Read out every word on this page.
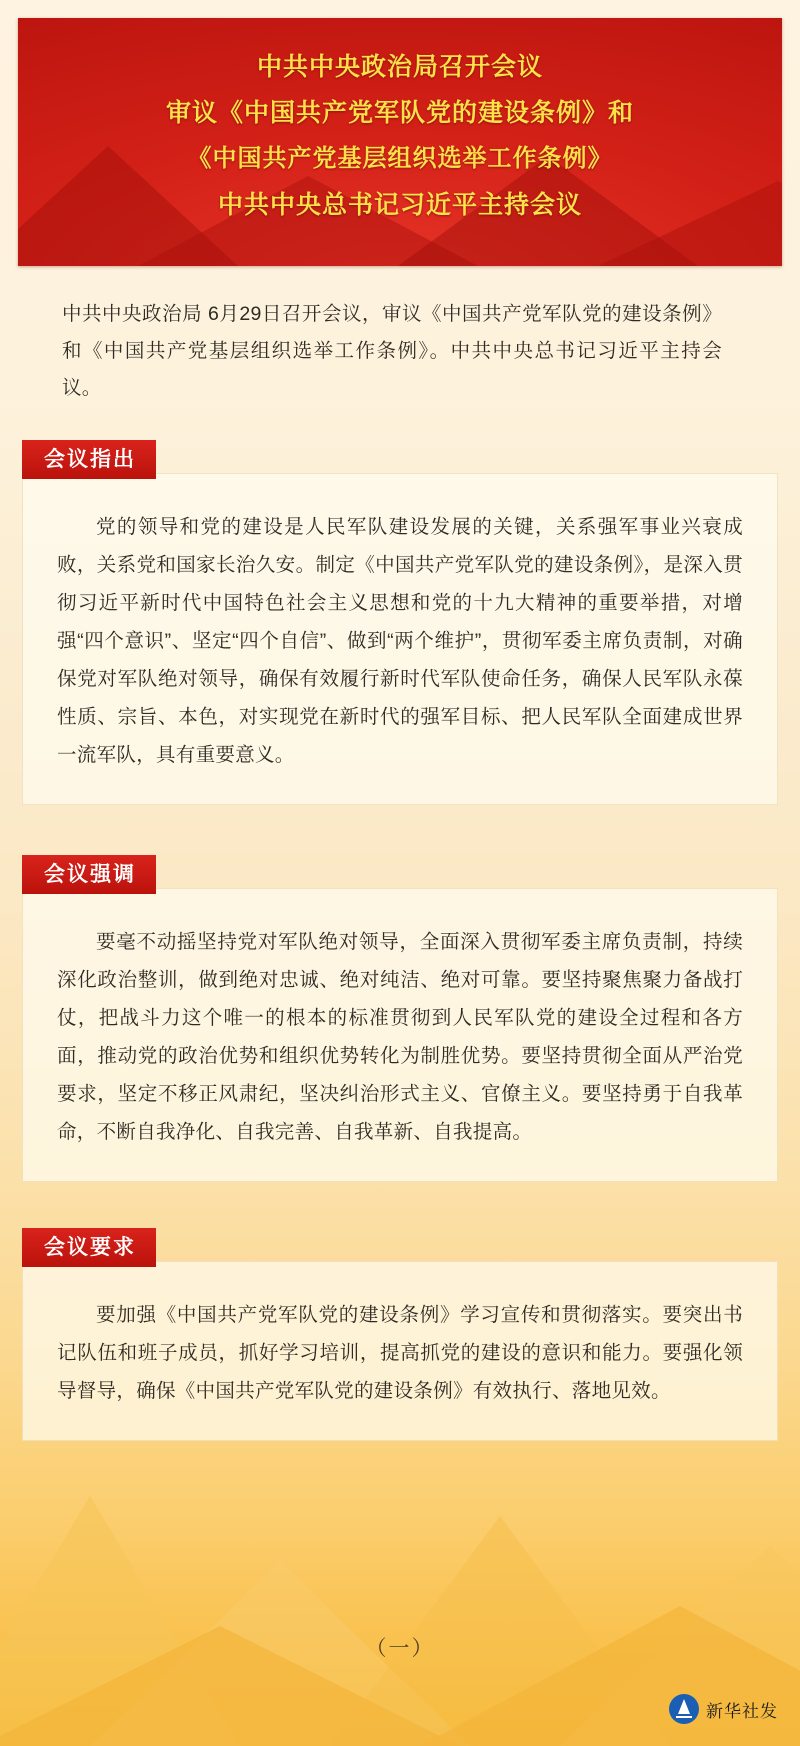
中共中央政治局召开会议
审议《中国共产党军队党的建设条例》和
《中国共产党基层组织选举工作条例》
中共中央总书记习近平主持会议
中共中央政治局 6月29日召开会议，审议《中国共产党军队党的建设条例》和《中国共产党基层组织选举工作条例》。中共中央总书记习近平主持会议。
会议指出

党的领导和党的建设是人民军队建设发展的关键，关系强军事业兴衰成败，关系党和国家长治久安。制定《中国共产党军队党的建设条例》，是深入贯彻习近平新时代中国特色社会主义思想和党的十九大精神的重要举措，对增强“四个意识”、坚定“四个自信”、做到“两个维护”，贯彻军委主席负责制，对确保党对军队绝对领导，确保有效履行新时代军队使命任务，确保人民军队永葆性质、宗旨、本色，对实现党在新时代的强军目标、把人民军队全面建成世界一流军队，具有重要意义。

会议强调

要毫不动摇坚持党对军队绝对领导，全面深入贯彻军委主席负责制，持续深化政治整训，做到绝对忠诚、绝对纯洁、绝对可靠。要坚持聚焦聚力备战打仗，把战斗力这个唯一的根本的标准贯彻到人民军队党的建设全过程和各方面，推动党的政治优势和组织优势转化为制胜优势。要坚持贯彻全面从严治党要求，坚定不移正风肃纪，坚决纠治形式主义、官僚主义。要坚持勇于自我革命，不断自我净化、自我完善、自我革新、自我提高。

会议要求

要加强《中国共产党军队党的建设条例》学习宣传和贯彻落实。要突出书记队伍和班子成员，抓好学习培训，提高抓党的建设的意识和能力。要强化领导督导，确保《中国共产党军队党的建设条例》有效执行、落地见效。

（一）
新华社发
